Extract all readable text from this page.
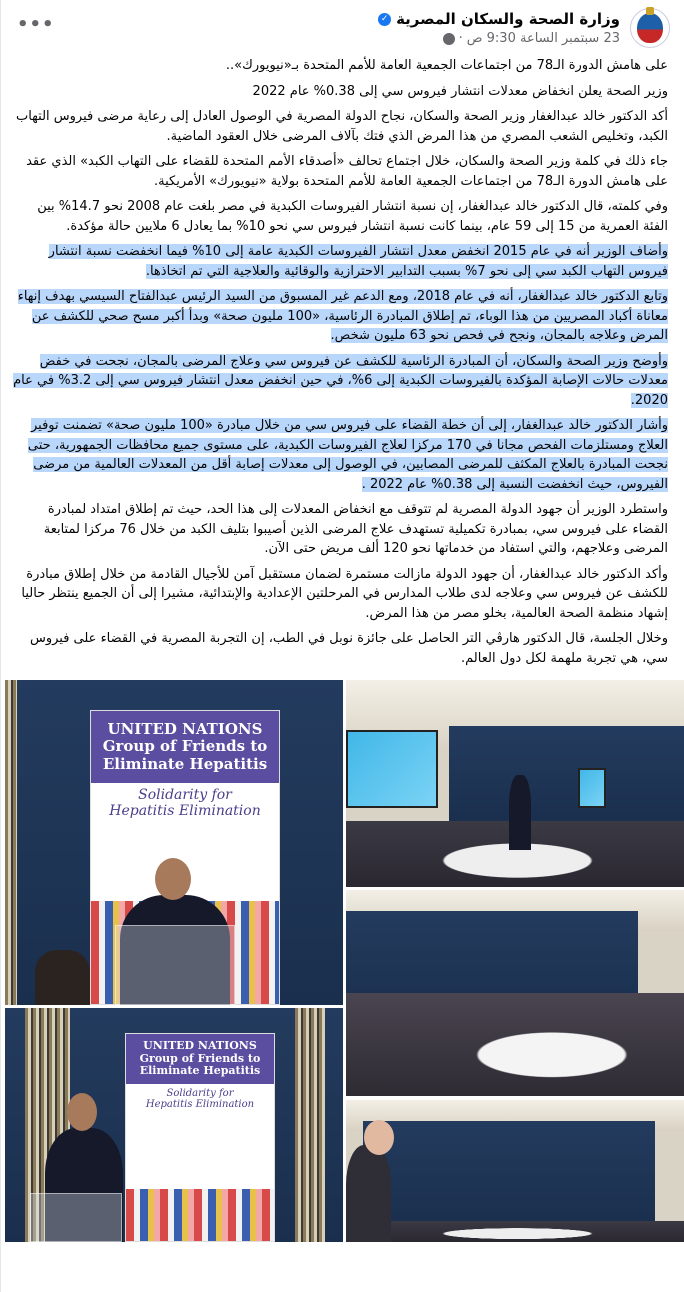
وزارة الصحة والسكان المصرية
✓
23 سبتمبر الساعة 9:30 ص
·
•••

على هامش الدورة الـ78 من اجتماعات الجمعية العامة للأمم المتحدة بـ«نيويورك»..

وزير الصحة يعلن انخفاض معدلات انتشار فيروس سي إلى 0.38% عام 2022

أكد الدكتور خالد عبدالغفار وزير الصحة والسكان، نجاح الدولة المصرية في الوصول العادل إلى رعاية مرضى فيروس التهاب الكبد، وتخليص الشعب المصري من هذا المرض الذي فتك بآلاف المرضى خلال العقود الماضية.

جاء ذلك في كلمة وزير الصحة والسكان، خلال اجتماع تحالف «أصدقاء الأمم المتحدة للقضاء على التهاب الكبد» الذي عقد على هامش الدورة الـ78 من اجتماعات الجمعية العامة للأمم المتحدة بولاية «نيويورك» الأمريكية.

وفي كلمته، قال الدكتور خالد عبدالغفار، إن نسبة انتشار الفيروسات الكبدية في مصر بلغت عام 2008 نحو 14.7% بين الفئة العمرية من 15 إلى 59 عام، بينما كانت نسبة انتشار فيروس سي نحو 10% بما يعادل 6 ملايين حالة مؤكدة.

وأضاف الوزير أنه في عام 2015 انخفض معدل انتشار الفيروسات الكبدية عامة إلى 10% فيما انخفضت نسبة انتشار فيروس التهاب الكبد سي إلى نحو 7% بسبب التدابير الاحترازية والوقائية والعلاجية التي تم اتخاذها.

وتابع الدكتور خالد عبدالغفار، أنه في عام 2018، ومع الدعم غير المسبوق من السيد الرئيس عبدالفتاح السيسي بهدف إنهاء معاناة أكباد المصريين من هذا الوباء، تم إطلاق المبادرة الرئاسية، «100 مليون صحة» وبدأ أكبر مسح صحي للكشف عن المرض وعلاجه بالمجان، ونجح في فحص نحو 63 مليون شخص.

وأوضح وزير الصحة والسكان، أن المبادرة الرئاسية للكشف عن فيروس سي وعلاج المرضى بالمجان، نجحت في خفض معدلات حالات الإصابة المؤكدة بالفيروسات الكبدية إلى 6%، في حين انخفض معدل انتشار فيروس سي إلى 3.2% في عام 2020.

وأشار الدكتور خالد عبدالغفار، إلى أن خطة القضاء على فيروس سي من خلال مبادرة «100 مليون صحة» تضمنت توفير العلاج ومستلزمات الفحص مجانا في 170 مركزا لعلاج الفيروسات الكبدية، على مستوى جميع محافظات الجمهورية، حتى نجحت المبادرة بالعلاج المكثف للمرضى المصابين، في الوصول إلى معدلات إصابة أقل من المعدلات العالمية من مرضى الفيروس، حيث انخفضت النسبة إلى 0.38% عام 2022 .

واستطرد الوزير أن جهود الدولة المصرية لم تتوقف مع انخفاض المعدلات إلى هذا الحد، حيث تم إطلاق امتداد لمبادرة القضاء على فيروس سي، بمبادرة تكميلية تستهدف علاج المرضى الذين أصيبوا بتليف الكبد من خلال 76 مركزا لمتابعة المرضى وعلاجهم، والتي استفاد من خدماتها نحو 120 ألف مريض حتى الآن.

وأكد الدكتور خالد عبدالغفار، أن جهود الدولة مازالت مستمرة لضمان مستقبل آمن للأجيال القادمة من خلال إطلاق مبادرة للكشف عن فيروس سي وعلاجه لدى طلاب المدارس في المرحلتين الإعدادية والإبتدائية، مشيرا إلى أن الجميع ينتظر حاليا إشهاد منظمة الصحة العالمية، بخلو مصر من هذا المرض.

وخلال الجلسة، قال الدكتور هارڤي التر الحاصل على جائزة نوبل في الطب، إن التجربة المصرية في القضاء على فيروس سي، هي تجربة ملهمة لكل دول العالم.

UNITED NATIONS
Group of Friends to
Eliminate Hepatitis
Solidarity for
Hepatitis Elimination
UNITED NATIONS
Group of Friends to
Eliminate Hepatitis
Solidarity for
Hepatitis Elimination
